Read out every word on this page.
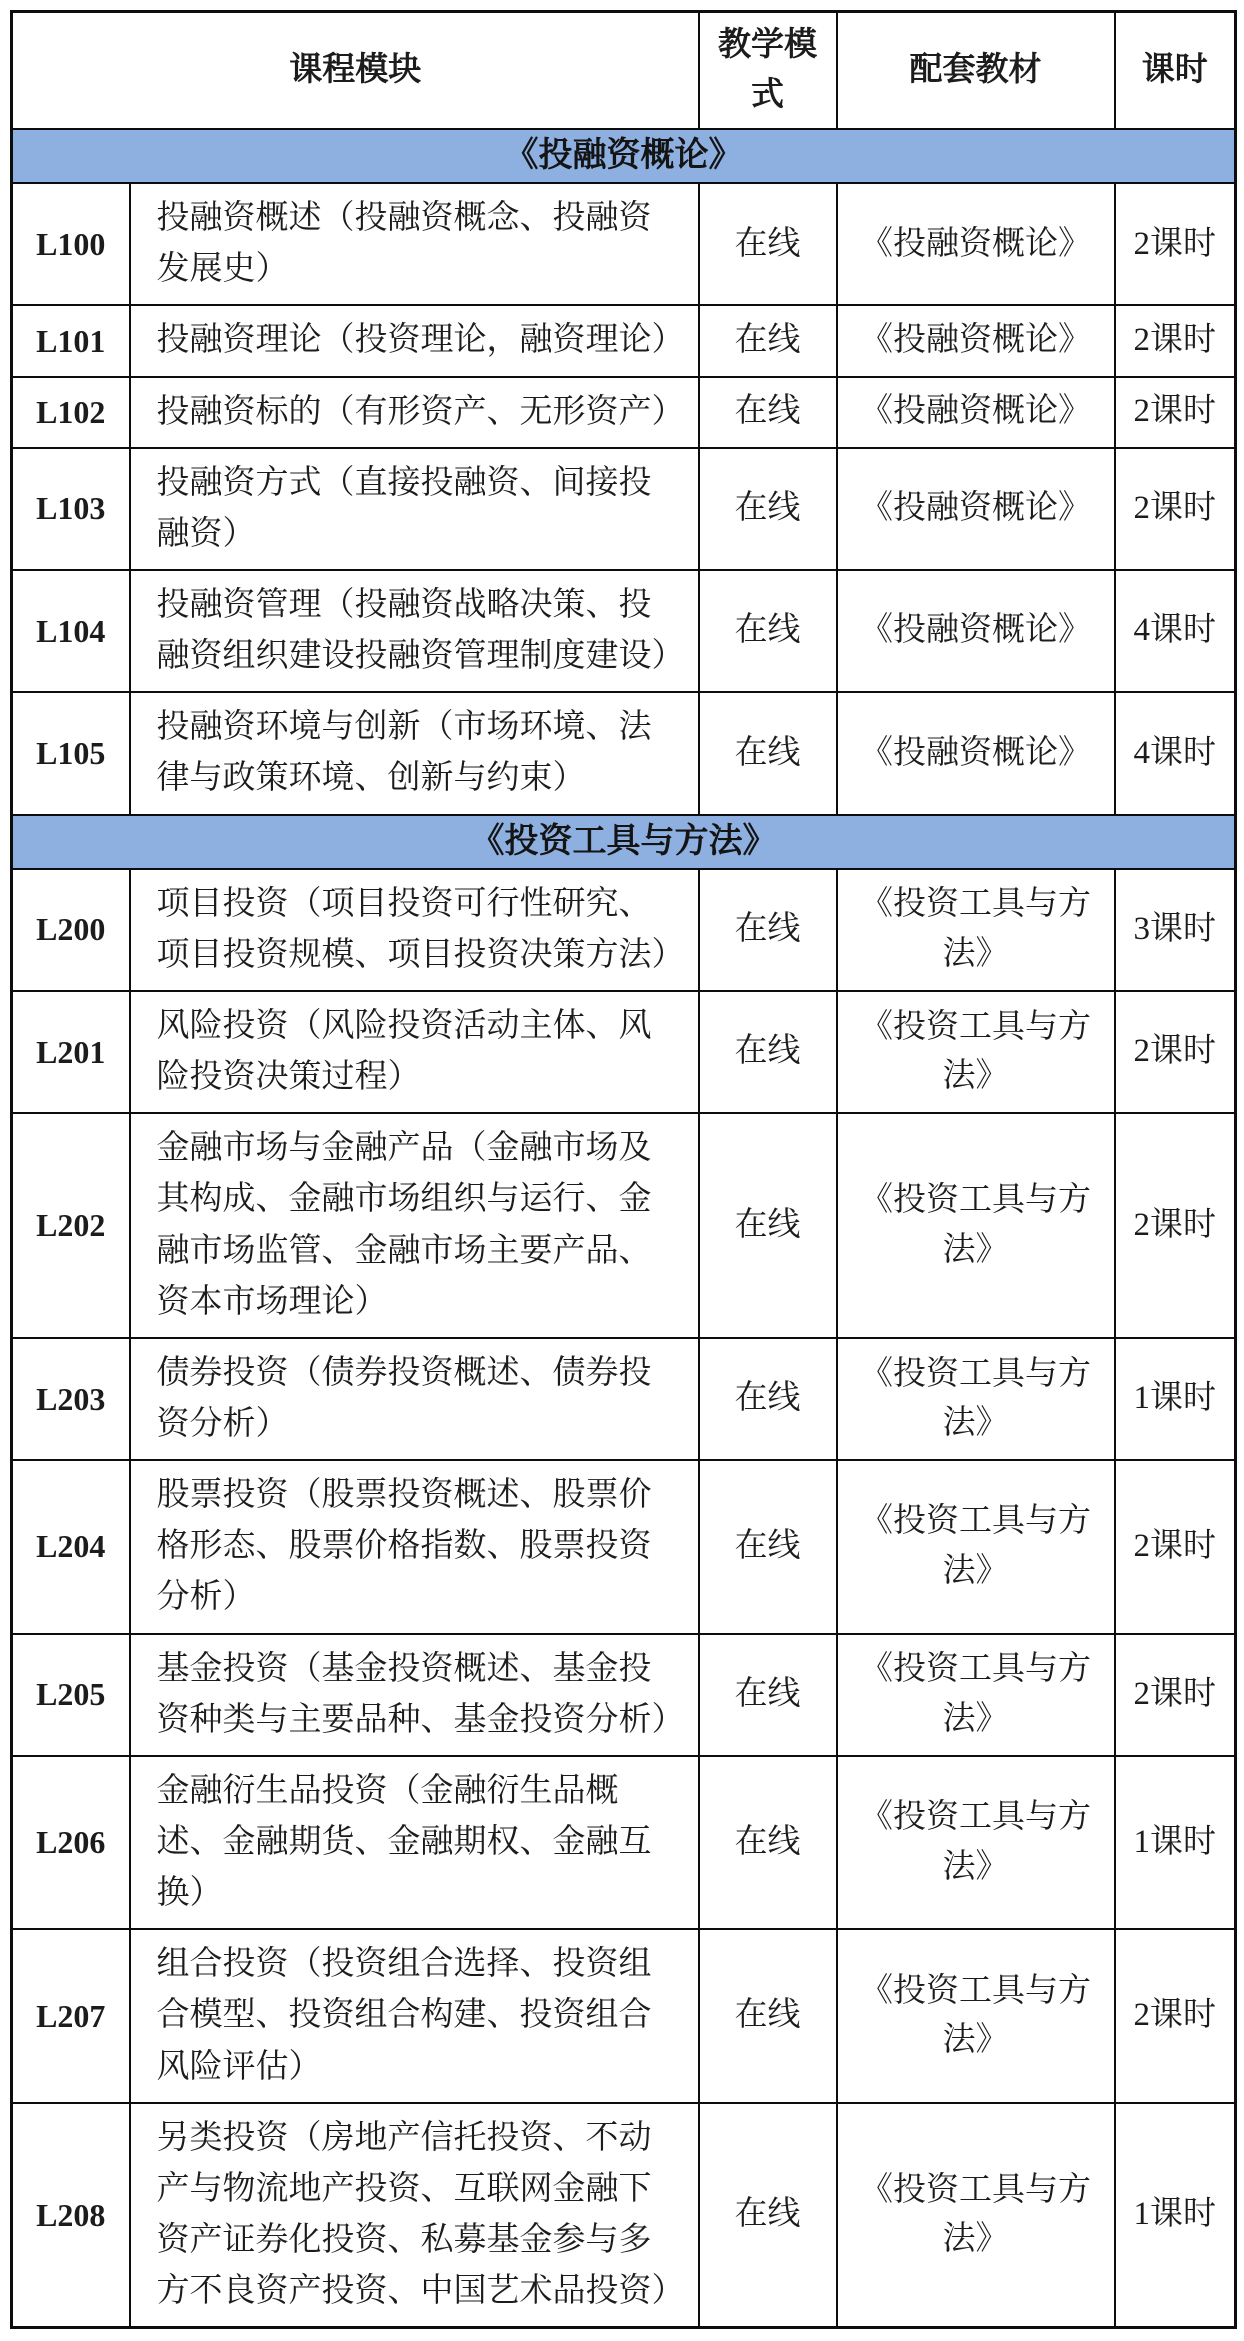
课程模块		教学模式	配套教材	课时
《投融资概论》				
L100	投融资概述（投融资概念、投融资发展史）	在线	《投融资概论》	2课时
L101	投融资理论（投资理论，融资理论）	在线	《投融资概论》	2课时
L102	投融资标的（有形资产、无形资产）	在线	《投融资概论》	2课时
L103	投融资方式（直接投融资、间接投融资）	在线	《投融资概论》	2课时
L104	投融资管理（投融资战略决策、投融资组织建设投融资管理制度建设）	在线	《投融资概论》	4课时
L105	投融资环境与创新（市场环境、法律与政策环境、创新与约束）	在线	《投融资概论》	4课时
《投资工具与方法》				
L200	项目投资（项目投资可行性研究、项目投资规模、项目投资决策方法）	在线	《投资工具与方法》	3课时
L201	风险投资（风险投资活动主体、风险投资决策过程）	在线	《投资工具与方法》	2课时
L202	金融市场与金融产品（金融市场及其构成、金融市场组织与运行、金融市场监管、金融市场主要产品、资本市场理论）	在线	《投资工具与方法》	2课时
L203	债券投资（债券投资概述、债券投资分析）	在线	《投资工具与方法》	1课时
L204	股票投资（股票投资概述、股票价格形态、股票价格指数、股票投资分析）	在线	《投资工具与方法》	2课时
L205	基金投资（基金投资概述、基金投资种类与主要品种、基金投资分析）	在线	《投资工具与方法》	2课时
L206	金融衍生品投资（金融衍生品概述、金融期货、金融期权、金融互换）	在线	《投资工具与方法》	1课时
L207	组合投资（投资组合选择、投资组合模型、投资组合构建、投资组合风险评估）	在线	《投资工具与方法》	2课时
L208	另类投资（房地产信托投资、不动产与物流地产投资、互联网金融下资产证券化投资、私募基金参与多方不良资产投资、中国艺术品投资）	在线	《投资工具与方法》	1课时
